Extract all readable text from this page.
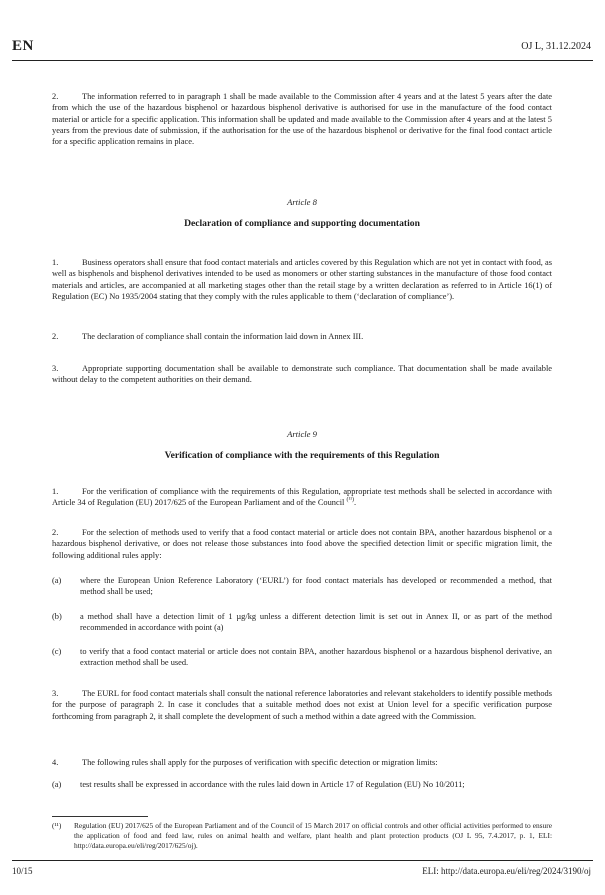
EN	OJ L, 31.12.2024
2.	The information referred to in paragraph 1 shall be made available to the Commission after 4 years and at the latest 5 years after the date from which the use of the hazardous bisphenol or hazardous bisphenol derivative is authorised for use in the manufacture of the food contact material or article for a specific application. This information shall be updated and made available to the Commission after 4 years and at the latest 5 years from the previous date of submission, if the authorisation for the use of the hazardous bisphenol or derivative for the final food contact article for a specific application remains in place.
Article 8
Declaration of compliance and supporting documentation
1.	Business operators shall ensure that food contact materials and articles covered by this Regulation which are not yet in contact with food, as well as bisphenols and bisphenol derivatives intended to be used as monomers or other starting substances in the manufacture of those food contact materials and articles, are accompanied at all marketing stages other than the retail stage by a written declaration as referred to in Article 16(1) of Regulation (EC) No 1935/2004 stating that they comply with the rules applicable to them (‘declaration of compliance’).
2.	The declaration of compliance shall contain the information laid down in Annex III.
3.	Appropriate supporting documentation shall be available to demonstrate such compliance. That documentation shall be made available without delay to the competent authorities on their demand.
Article 9
Verification of compliance with the requirements of this Regulation
1.	For the verification of compliance with the requirements of this Regulation, appropriate test methods shall be selected in accordance with Article 34 of Regulation (EU) 2017/625 of the European Parliament and of the Council $^{(^{11})}$.
2.	For the selection of methods used to verify that a food contact material or article does not contain BPA, another hazardous bisphenol or a hazardous bisphenol derivative, or does not release those substances into food above the specified detection limit or specific migration limit, the following additional rules apply:
(a) where the European Union Reference Laboratory (‘EURL’) for food contact materials has developed or recommended a method, that method shall be used;
(b) a method shall have a detection limit of 1 µg/kg unless a different detection limit is set out in Annex II, or as part of the method recommended in accordance with point (a)
(c) to verify that a food contact material or article does not contain BPA, another hazardous bisphenol or a hazardous bisphenol derivative, an extraction method shall be used.
3.	The EURL for food contact materials shall consult the national reference laboratories and relevant stakeholders to identify possible methods for the purpose of paragraph 2. In case it concludes that a suitable method does not exist at Union level for a specific verification purpose forthcoming from paragraph 2, it shall complete the development of such a method within a date agreed with the Commission.
4.	The following rules shall apply for the purposes of verification with specific detection or migration limits:
(a) test results shall be expressed in accordance with the rules laid down in Article 17 of Regulation (EU) No 10/2011;
(¹¹) Regulation (EU) 2017/625 of the European Parliament and of the Council of 15 March 2017 on official controls and other official activities performed to ensure the application of food and feed law, rules on animal health and welfare, plant health and plant protection products (OJ L 95, 7.4.2017, p. 1, ELI: http://data.europa.eu/eli/reg/2017/625/oj).
10/15	ELI: http://data.europa.eu/eli/reg/2024/3190/oj
